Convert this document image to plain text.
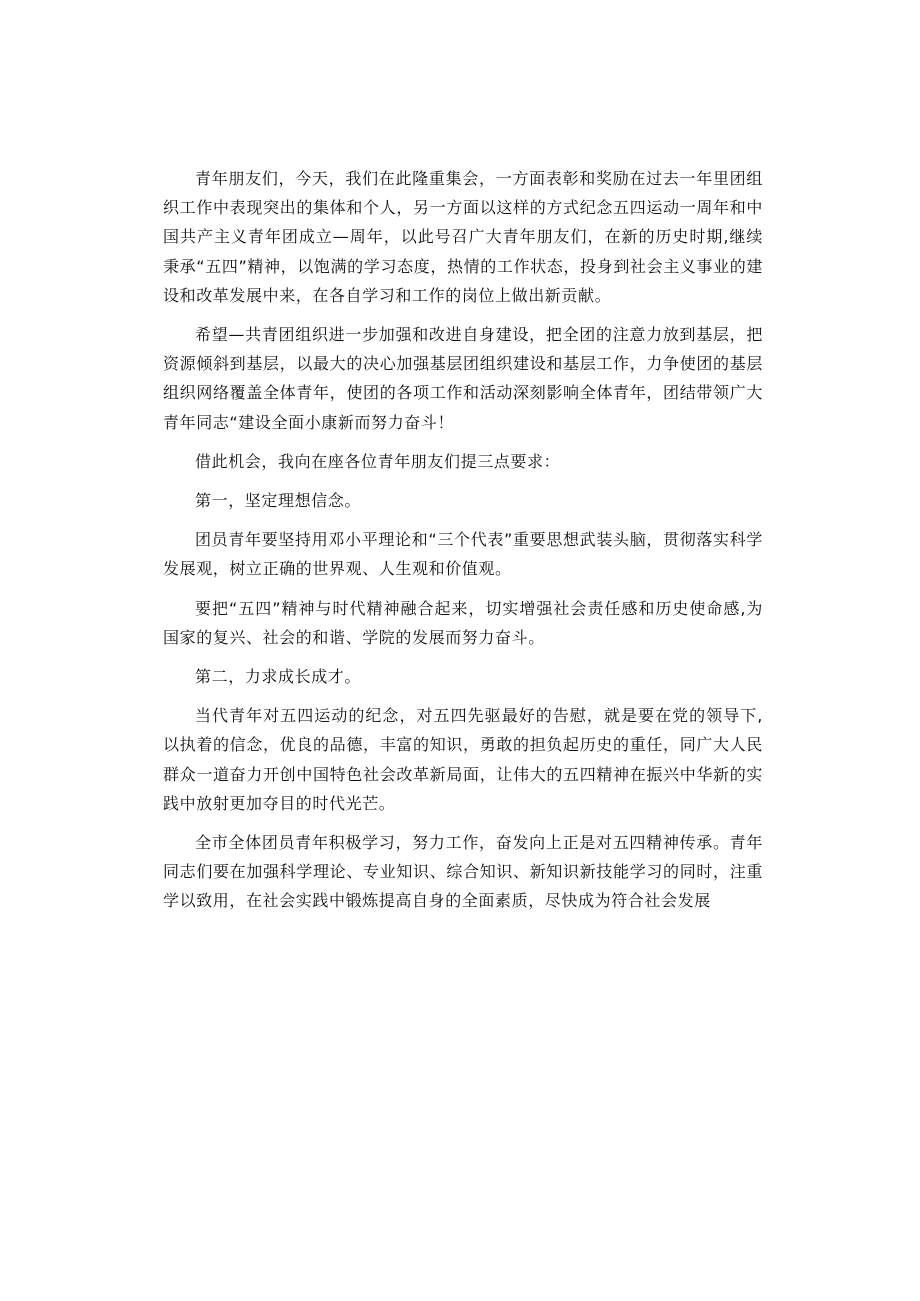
青年朋友们，今天，我们在此隆重集会，一方面表彰和奖励在过去一年里团组织工作中表现突出的集体和个人，另一方面以这样的方式纪念五四运动一周年和中国共产主义青年团成立—周年，以此号召广大青年朋友们，在新的历史时期,继续秉承“五四”精神，以饱满的学习态度，热情的工作状态，投身到社会主义事业的建设和改革发展中来，在各自学习和工作的岗位上做出新贡献。

希望—共青团组织进一步加强和改进自身建设，把全团的注意力放到基层，把资源倾斜到基层，以最大的决心加强基层团组织建设和基层工作，力争使团的基层组织网络覆盖全体青年，使团的各项工作和活动深刻影响全体青年，团结带领广大青年同志“建设全面小康新而努力奋斗！

借此机会，我向在座各位青年朋友们提三点要求：

第一，坚定理想信念。

团员青年要坚持用邓小平理论和“三个代表”重要思想武装头脑，贯彻落实科学发展观，树立正确的世界观、人生观和价值观。

要把“五四”精神与时代精神融合起来，切实增强社会责任感和历史使命感,为国家的复兴、社会的和谐、学院的发展而努力奋斗。

第二，力求成长成才。

当代青年对五四运动的纪念，对五四先驱最好的告慰，就是要在党的领导下,以执着的信念，优良的品德，丰富的知识，勇敢的担负起历史的重任，同广大人民群众一道奋力开创中国特色社会改革新局面，让伟大的五四精神在振兴中华新的实践中放射更加夺目的时代光芒。

全市全体团员青年积极学习，努力工作，奋发向上正是对五四精神传承。青年同志们要在加强科学理论、专业知识、综合知识、新知识新技能学习的同时，注重学以致用，在社会实践中锻炼提高自身的全面素质，尽快成为符合社会发展
